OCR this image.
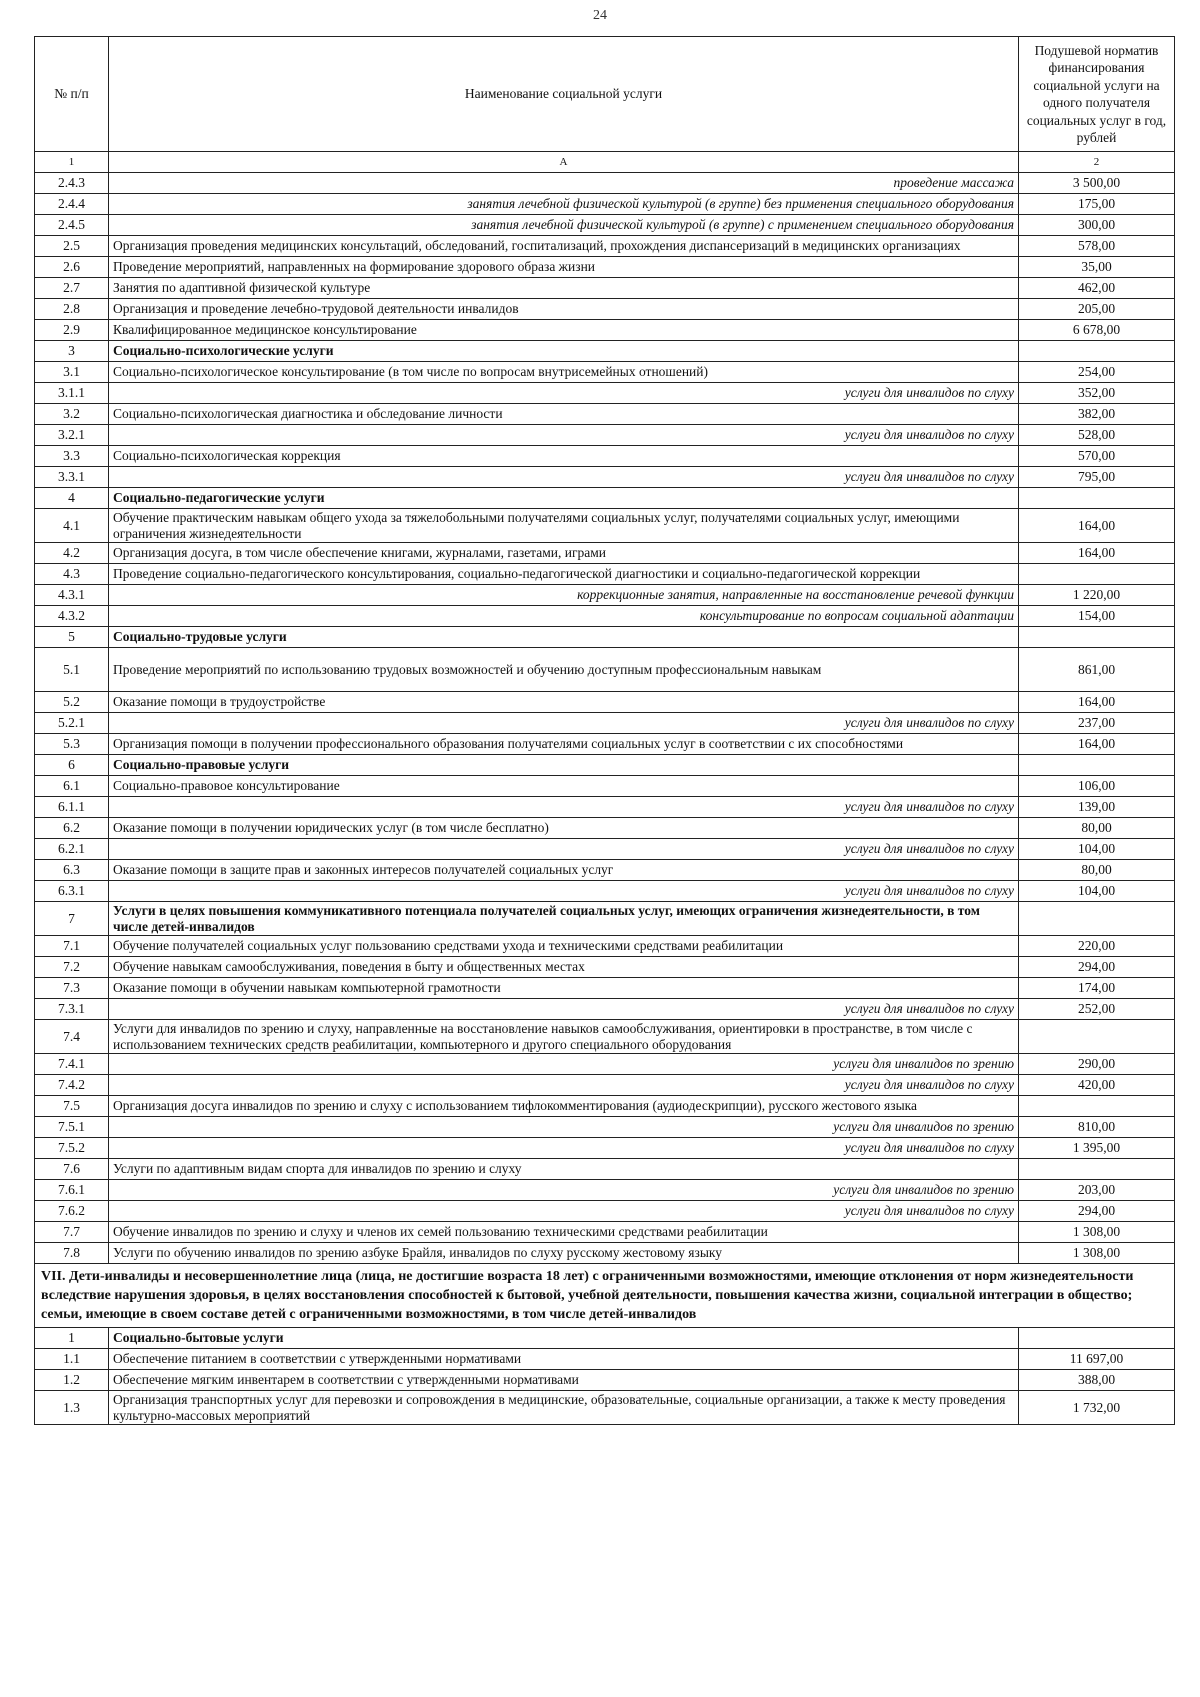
24
№ п/п	Наименование социальной услуги	Подушевой норматив финансирования социальной услуги на одного получателя социальных услуг в год, рублей
1	А	2
2.4.3	проведение массажа	3 500,00
2.4.4	занятия лечебной физической культурой (в группе) без применения специального оборудования	175,00
2.4.5	занятия лечебной физической культурой (в группе) с применением специального оборудования	300,00
2.5	Организация проведения медицинских консультаций, обследований, госпитализаций, прохождения диспансеризаций в медицинских организациях	578,00
2.6	Проведение мероприятий, направленных на формирование здорового образа жизни	35,00
2.7	Занятия по адаптивной физической культуре	462,00
2.8	Организация и проведение лечебно-трудовой деятельности инвалидов	205,00
2.9	Квалифицированное медицинское консультирование	6 678,00
3	Социально-психологические услуги	
3.1	Социально-психологическое консультирование (в том числе по вопросам внутрисемейных отношений)	254,00
3.1.1	услуги для инвалидов по слуху	352,00
3.2	Социально-психологическая диагностика и обследование личности	382,00
3.2.1	услуги для инвалидов по слуху	528,00
3.3	Социально-психологическая коррекция	570,00
3.3.1	услуги для инвалидов по слуху	795,00
4	Социально-педагогические услуги	
4.1	Обучение практическим навыкам общего ухода за тяжелобольными получателями социальных услуг, получателями социальных услуг, имеющими ограничения жизнедеятельности	164,00
4.2	Организация досуга, в том числе обеспечение книгами, журналами, газетами, играми	164,00
4.3	Проведение социально-педагогического консультирования, социально-педагогической диагностики и социально-педагогической коррекции	
4.3.1	коррекционные занятия, направленные на восстановление речевой функции	1 220,00
4.3.2	консультирование по вопросам социальной адаптации	154,00
5	Социально-трудовые услуги	
5.1	Проведение мероприятий по использованию трудовых возможностей и обучению доступным профессиональным навыкам	861,00
5.2	Оказание помощи в трудоустройстве	164,00
5.2.1	услуги для инвалидов по слуху	237,00
5.3	Организация помощи в получении профессионального образования получателями социальных услуг в соответствии с их способностями	164,00
6	Социально-правовые услуги	
6.1	Социально-правовое консультирование	106,00
6.1.1	услуги для инвалидов по слуху	139,00
6.2	Оказание помощи в получении юридических услуг (в том числе бесплатно)	80,00
6.2.1	услуги для инвалидов по слуху	104,00
6.3	Оказание помощи в защите прав и законных интересов получателей социальных услуг	80,00
6.3.1	услуги для инвалидов по слуху	104,00
7	Услуги в целях повышения коммуникативного потенциала получателей социальных услуг, имеющих ограничения жизнедеятельности, в том числе детей-инвалидов	
7.1	Обучение получателей социальных услуг пользованию средствами ухода и техническими средствами реабилитации	220,00
7.2	Обучение навыкам самообслуживания, поведения в быту и общественных местах	294,00
7.3	Оказание помощи в обучении навыкам компьютерной грамотности	174,00
7.3.1	услуги для инвалидов по слуху	252,00
7.4	Услуги для инвалидов по зрению и слуху, направленные на восстановление навыков самообслуживания, ориентировки в пространстве, в том числе с использованием технических средств реабилитации, компьютерного и другого специального оборудования	
7.4.1	услуги для инвалидов по зрению	290,00
7.4.2	услуги для инвалидов по слуху	420,00
7.5	Организация досуга инвалидов по зрению и слуху с использованием тифлокомментирования (аудиодескрипции), русского жестового языка	
7.5.1	услуги для инвалидов по зрению	810,00
7.5.2	услуги для инвалидов по слуху	1 395,00
7.6	Услуги по адаптивным видам спорта для инвалидов по зрению и слуху	
7.6.1	услуги для инвалидов по зрению	203,00
7.6.2	услуги для инвалидов по слуху	294,00
7.7	Обучение инвалидов по зрению и слуху и членов их семей пользованию техническими средствами реабилитации	1 308,00
7.8	Услуги по обучению инвалидов по зрению азбуке Брайля, инвалидов по слуху русскому жестовому языку	1 308,00
VII. Дети-инвалиды и несовершеннолетние лица (лица, не достигшие возраста 18 лет) с ограниченными возможностями, имеющие отклонения от норм жизнедеятельности вследствие нарушения здоровья, в целях восстановления способностей к бытовой, учебной деятельности, повышения качества жизни, социальной интеграции в общество; семьи, имеющие в своем составе детей с ограниченными возможностями, в том числе детей-инвалидов		
1	Социально-бытовые услуги	
1.1	Обеспечение питанием в соответствии с утвержденными нормативами	11 697,00
1.2	Обеспечение мягким инвентарем в соответствии с утвержденными нормативами	388,00
1.3	Организация транспортных услуг для перевозки и сопровождения в медицинские, образовательные, социальные организации, а также к месту проведения культурно-массовых мероприятий	1 732,00
